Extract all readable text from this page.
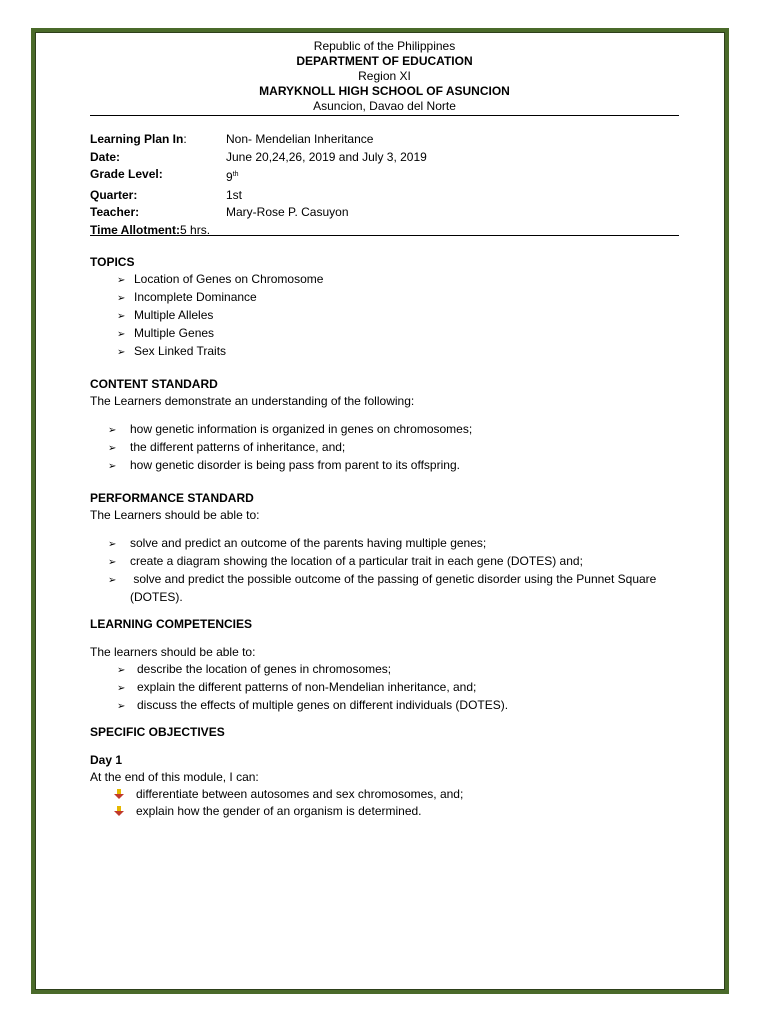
Republic of the Philippines
DEPARTMENT OF EDUCATION
Region XI
MARYKNOLL HIGH SCHOOL OF ASUNCION
Asuncion, Davao del Norte
Learning Plan In:	Non- Mendelian Inheritance
Date:	June 20,24,26, 2019 and July 3, 2019
Grade Level:	9th
Quarter:	1st
Teacher:	Mary-Rose P. Casuyon
Time Allotment: 5 hrs.
TOPICS
➢ Location of Genes on Chromosome
➢ Incomplete Dominance
➢ Multiple Alleles
➢ Multiple Genes
➢ Sex Linked Traits
CONTENT STANDARD
The Learners demonstrate an understanding of the following:
➢ how genetic information is organized in genes on chromosomes;
➢ the different patterns of inheritance, and;
➢ how genetic disorder is being pass from parent to its offspring.
PERFORMANCE STANDARD
The Learners should be able to:
➢ solve and predict an outcome of the parents having multiple genes;
➢ create a diagram showing the location of a particular trait in each gene (DOTES) and;
➢ solve and predict the possible outcome of the passing of genetic disorder using the Punnet Square
(DOTES).
LEARNING COMPETENCIES
The learners should be able to:
➢ describe the location of genes in chromosomes;
➢ explain the different patterns of non-Mendelian inheritance, and;
➢ discuss the effects of multiple genes on different individuals (DOTES).
SPECIFIC OBJECTIVES
Day 1
At the end of this module, I can:
differentiate between autosomes and sex chromosomes, and;
explain how the gender of an organism is determined.
